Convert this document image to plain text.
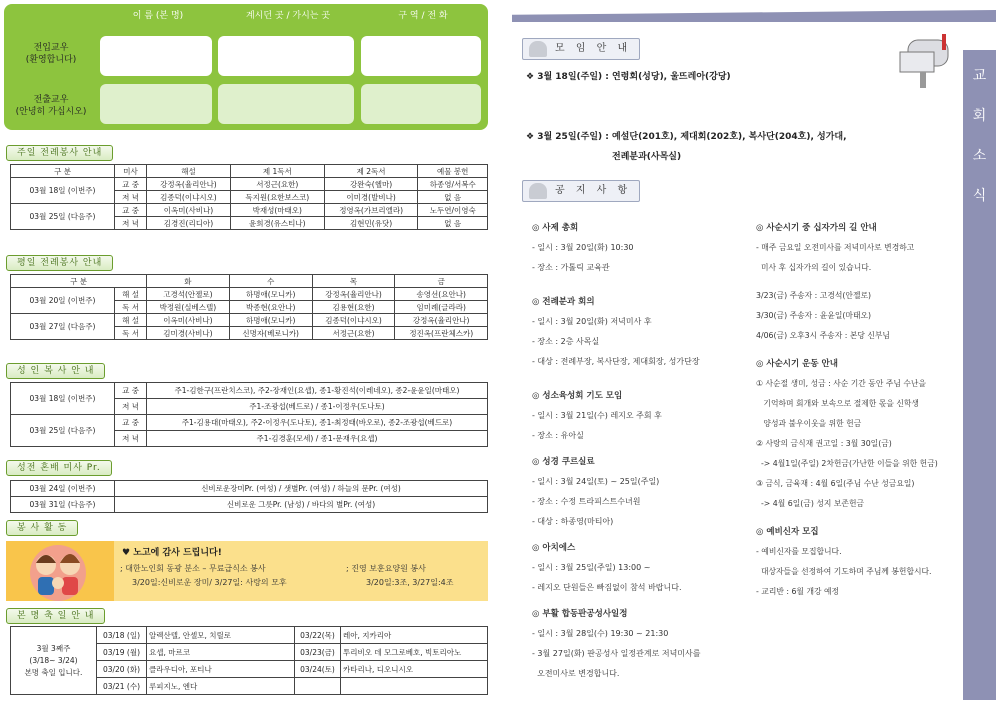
이 름 (본 명)	계시던 곳 / 가시는 곳	구 역 / 전 화
전입교우
(환영합니다)
전출교우
(안녕히 가십시오)
주일 전례봉사 안내
구 분	미사	해설	제 1독서	제 2독서	예물 봉헌
03월 18일 (이번주)	교 중	강정옥(율리안나)	서정근(요한)	강완숙(헬마)	하종영/서복수
	저 녁	김종덕(이냐시오)	독지원(요한보스코)	이미경(발비나)	없 음
03월 25일 (다음주)	교 중	이옥미(사비나)	박재성(마태오)	정영옥(가브리엘라)	노두연/이영숙
	저 녁	김경진(리디아)	윤희경(유스티나)	김현민(유닷)	없 음
평일 전례봉사 안내
구 분		화	수	목	금
03월 20일 (이번주)	해 설	고경석(안젤로)	하명애(모니카)	강정옥(율리안나)	송영선(요안나)
	독 서	박정원(실베스텔)	박종현(요안나)	김용현(요한)	임미례(글라라)
03월 27일 (다음주)	해 설	이옥미(사비나)	하명애(모니카)	김종덕(이냐시오)	강정옥(율리안나)
	독 서	김미경(사비나)	신명자(베로니카)	서정근(요한)	정진옥(프란체스카)
성 인 복 사 안 내
03월 18일 (이번주)	교 중	주1-김한구(프란치스코), 주2-장재인(요셉), 종1-황진석(이레네오), 종2-윤윤일(마태오)
	저 녁	주1-조광섭(베드로) / 종1-이정우(도나토)
03월 25일 (다음주)	교 중	주1-김용대(마태오), 주2-이정우(도나토), 종1-최정태(바오로), 종2-조광섭(베드로)
	저 녁	주1-김경훈(모세) / 종1-문재우(요셉)
성전 혼배 미사 Pr.
03월 24일 (이번주)	신비로운장미Pr. (여성) / 샛별Pr. (여성) / 하늘의 문Pr. (여성)
03월 31일 (다음주)	신비로운 그릇Pr. (남성) / 바다의 별Pr. (여성)
봉 사 활 동
♥ 노고에 감사 드립니다!
; 대한노인회 동광 분소 – 무료급식소 봉사
3/20일:신비로운 장미/ 3/27일: 사랑의 모후
; 진영 보훈요양원 봉사
3/20일:3조, 3/27일:4조
본 명 축 일 안 내
3월 3째주
(3/18~ 3/24)
본명 축일 입니다.	03/18 (일)	알렉산텔, 안셀모, 치릴로	03/22(목)	레아, 지카리아
	03/19 (월)	요셉, 마르코	03/23(금)	투리비오 데 모그로베호, 빅토리아노
	03/20 (화)	클라우디아, 포티나	03/24(토)	카타리나, 디오니시오
	03/21 (수)	루피지노, 엔다		
교
회
소
식
모 임 안 내
❖ 3월 18일(주일) : 연령회(성당), 울뜨레아(강당)
❖ 3월 25일(주일) : 예설단(201호), 제대회(202호), 복사단(204호), 성가대,
전례분과(사목실)
공 지 사 항
◎ 사제 총회
- 일시 : 3월 20일(화) 10:30
- 장소 : 가톨릭 교육관
◎ 전례분과 회의
- 일시 : 3월 20일(화) 저녁미사 후
- 장소 : 2층 사목실
- 대상 : 전례부장, 복사단장, 제대회장, 성가단장
◎ 성소육성회 기도 모임
- 일시 : 3월 21일(수) 레지오 주회 후
- 장소 : 유아실
◎ 성경 쿠르실료
- 일시 : 3월 24일(토) ~ 25일(주일)
- 장소 : 수정 트라피스트수녀원
- 대상 : 하종영(마티아)
◎ 아치에스
- 일시 : 3월 25일(주일) 13:00 ~
- 레지오 단원들은 빠짐없이 참석 바랍니다.
◎ 부활 합동판공성사일정
- 일시 : 3월 28일(수) 19:30 ~ 21:30
- 3월 27일(화) 판공성사 일정관계로 저녁미사를
오전미사로 변경합니다.
◎ 사순시기 중 십자가의 길 안내
- 매주 금요일 오전미사를 저녁미사로 변경하고
미사 후 십자가의 길이 있습니다.
3/23(금) 주송자 : 고경석(안젤로)
3/30(금) 주송자 : 윤윤일(마태오)
4/06(금) 오후3시 주송자 : 본당 신부님
◎ 사순시기 운동 안내
① 사순절 생미, 성금 : 사순 기간 동안 주님 수난을
기억하며 회개와 보속으로 절제한 몫을 신학생
양성과 불우이웃을 위한 헌금
② 사랑의 금식재 권고일 : 3월 30일(금)
-> 4월1일(주일) 2차헌금(가난한 이들을 위한 헌금)
③ 금식, 금육재 : 4월 6일(주님 수난 성금요일)
-> 4월 6일(금) 성지 보존헌금
◎ 예비신자 모집
- 예비신자를 모집합니다.
대상자들을 선정하여 기도하며 주님께 봉헌합시다.
- 교리반 : 6월 개강 예정
